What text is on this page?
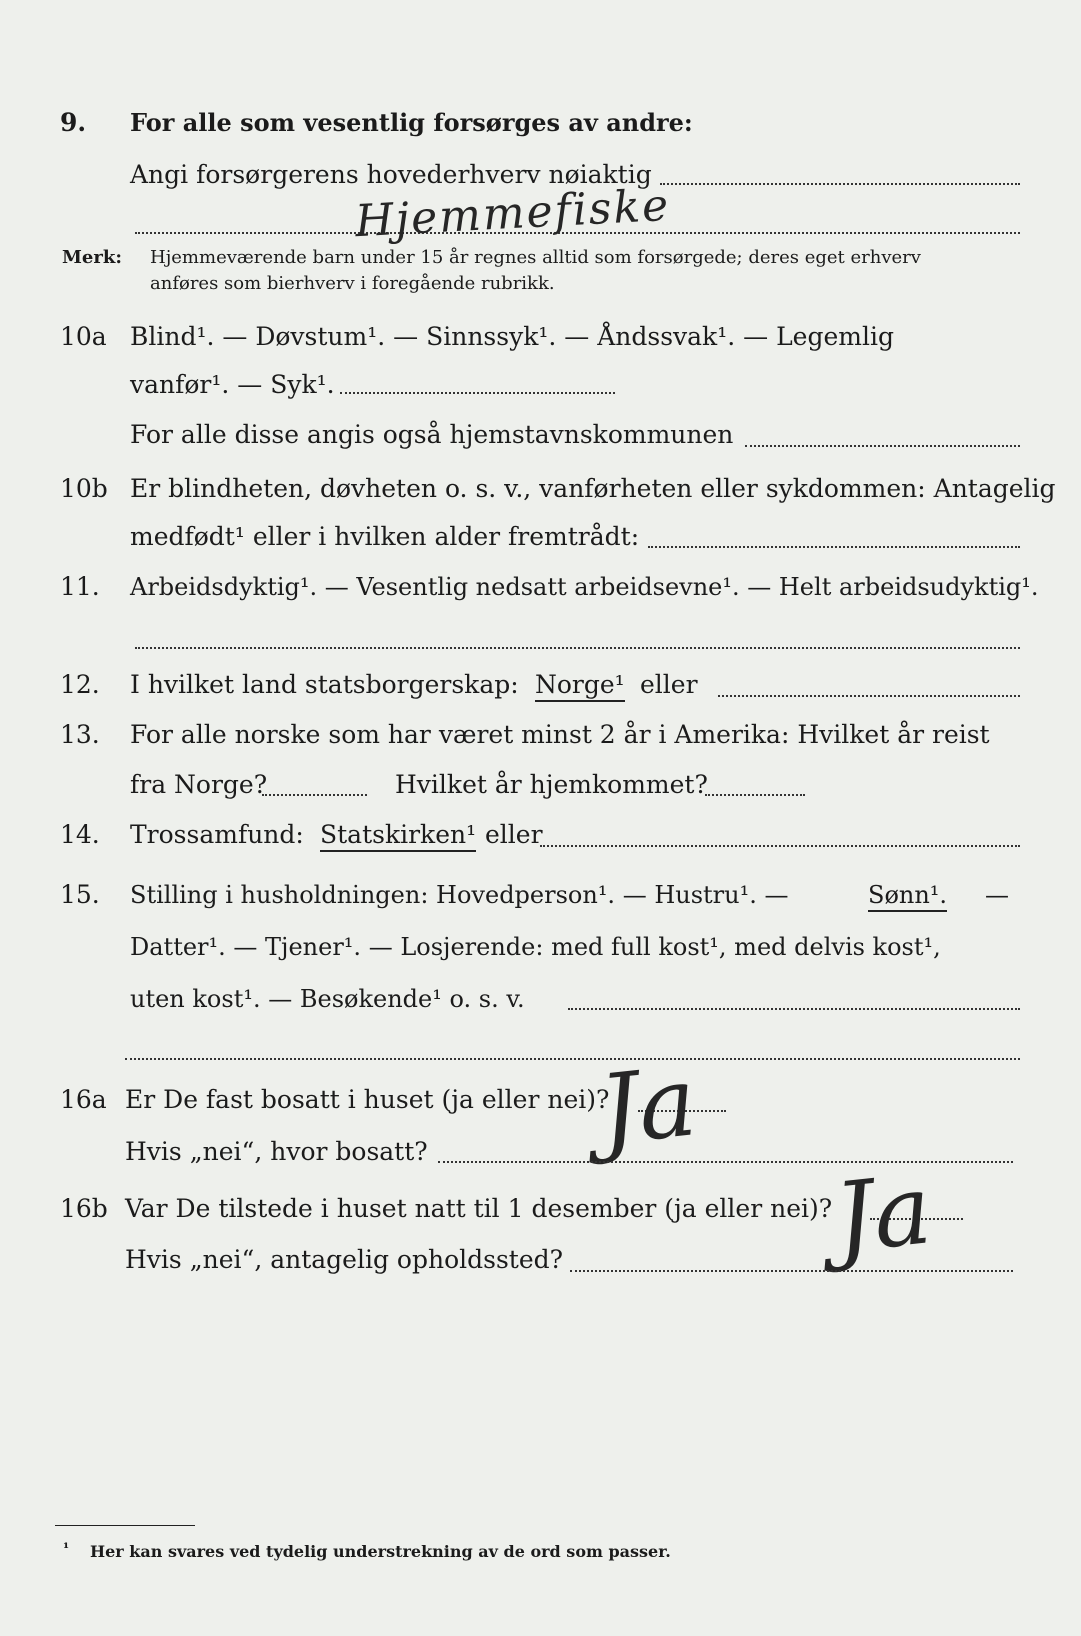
9.	For alle som vesentlig forsørges av andre:
Angi forsørgerens hovederhverv nøiaktig
Hjemmefiske
Merk: Hjemmeværende barn under 15 år regnes alltid som forsørgede; deres eget erhverv
anføres som bierhverv i foregående rubrikk.
10a Blind¹. — Døvstum¹. — Sinnssyk¹. — Åndssvak¹. — Legemlig
vanfør¹. — Syk¹.
For alle disse angis også hjemstavnskommunen
10b Er blindheten, døvheten o. s. v., vanførheten eller sykdommen: Antagelig
medfødt¹ eller i hvilken alder fremtrådt:
11.	Arbeidsdyktig¹. — Vesentlig nedsatt arbeidsevne¹. — Helt arbeidsudyktig¹.
12.	I hvilket land statsborgerskap: Norge¹ eller
13.	For alle norske som har været minst 2 år i Amerika: Hvilket år reist
fra Norge?	Hvilket år hjemkommet?
14.	Trossamfund: Statskirken¹ eller
15.	Stilling i husholdningen: Hovedperson¹. — Hustru¹. —	Sønn¹. —
Datter¹. — Tjener¹. — Losjerende: med full kost¹, med delvis kost¹,
uten kost¹. — Besøkende¹ o. s. v.
16a Er De fast bosatt i huset (ja eller nei)?
Ja
Hvis „nei“, hvor bosatt?
16b Var De tilstede i huset natt til 1 desember (ja eller nei)?
Ja
Hvis „nei“, antagelig opholdssted?
¹ Her kan svares ved tydelig understrekning av de ord som passer.
